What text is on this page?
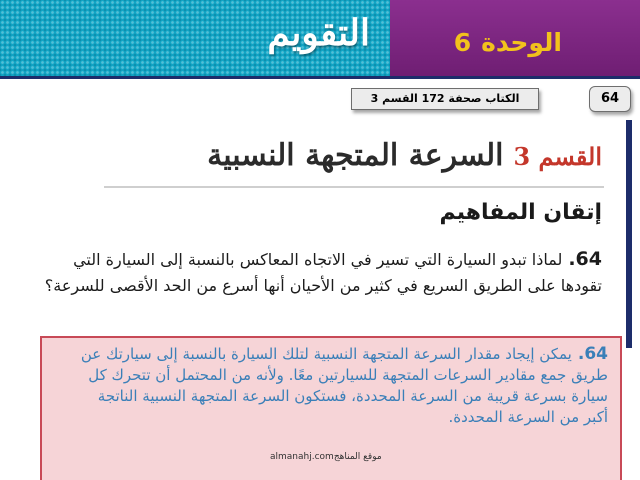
التقويم	الوحدة6
الكتاب صحفة 172 القسم 3	64
القسم 3السرعة المتجهة النسبية
إتقان المفاهيم
64.لماذا تبدو السيارة التي تسير في الاتجاه المعاكس بالنسبة إلى السيارة التي تقودها على الطريق السريع في كثير من الأحيان أنها أسرع من الحد الأقصى للسرعة؟

64.يمكن إيجاد مقدار السرعة المتجهة النسبية لتلك السيارة بالنسبة إلى سيارتك عن طريق جمع مقادير السرعات المتجهة للسيارتين معًا. ولأنه من المحتمل أن تتحرك كل سيارة بسرعة قريبة من السرعة المحددة، فستكون السرعة المتجهة النسبية الناتجة أكبر من السرعة المحددة.

almanahj.comموقع المناهج
